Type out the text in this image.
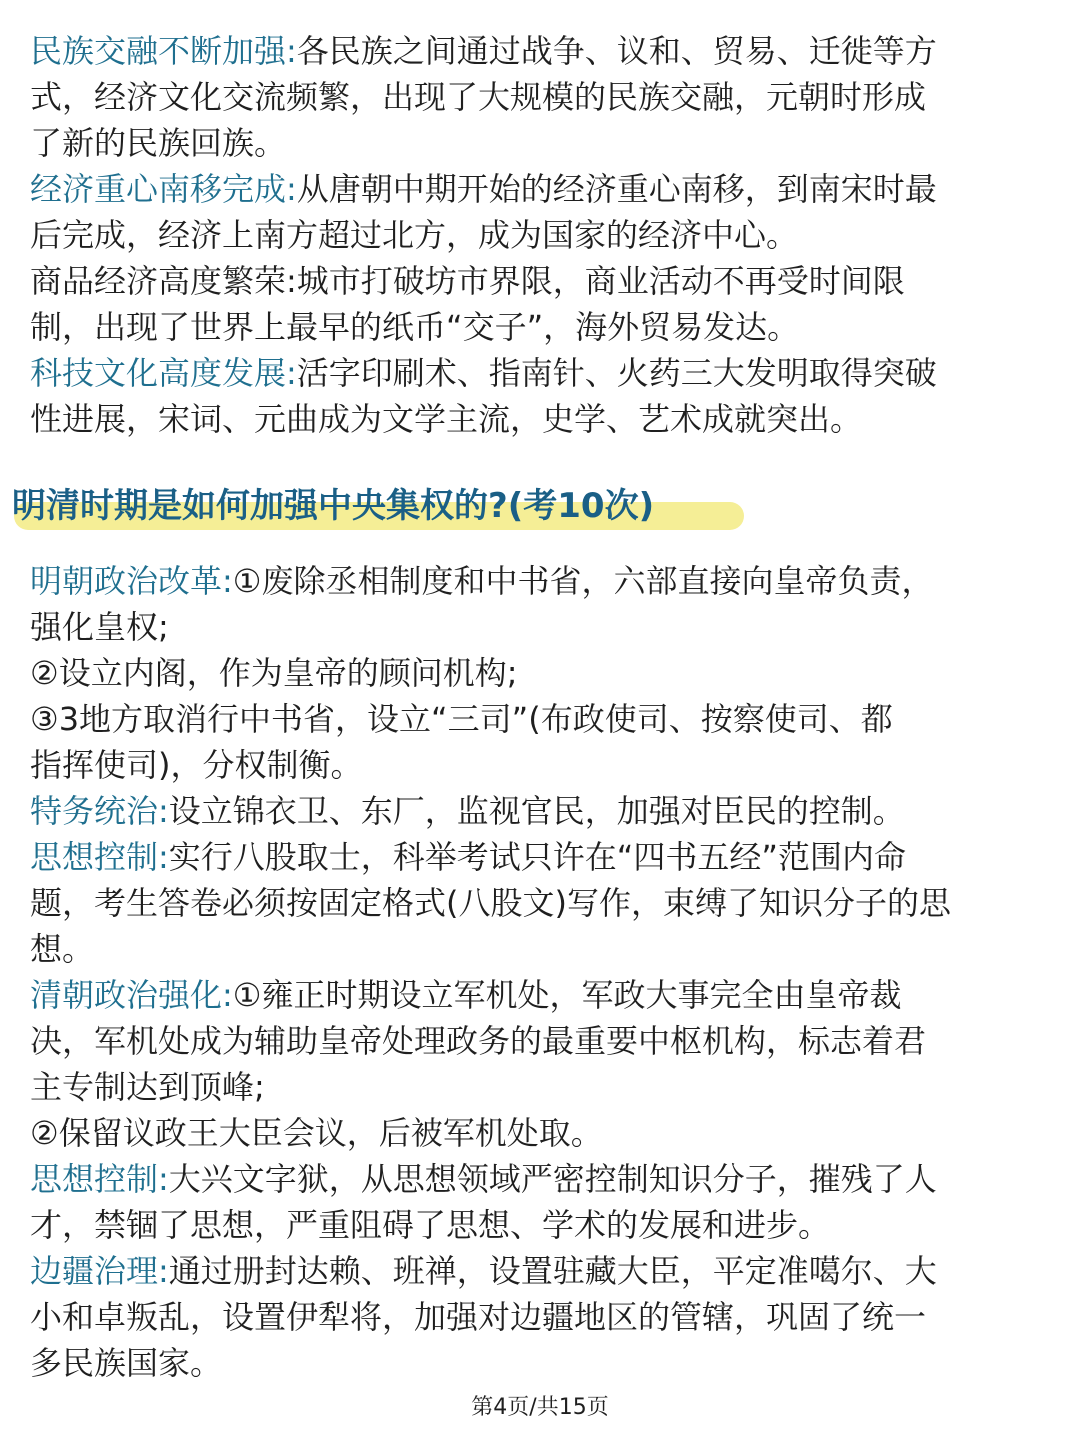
民族交融不断加强:各民族之间通过战争、议和、贸易、迁徙等方
式，经济文化交流频繁，出现了大规模的民族交融，元朝时形成
了新的民族回族。

经济重心南移完成:从唐朝中期开始的经济重心南移，到南宋时最
后完成，经济上南方超过北方，成为国家的经济中心。

商品经济高度繁荣:城市打破坊市界限，商业活动不再受时间限
制，出现了世界上最早的纸币“交子”，海外贸易发达。

科技文化高度发展:活字印刷术、指南针、火药三大发明取得突破
性进展，宋词、元曲成为文学主流，史学、艺术成就突出。

明清时期是如何加强中央集权的?(考10次)

明朝政治改革:①废除丞相制度和中书省，六部直接向皇帝负责，
强化皇权;
②设立内阁，作为皇帝的顾问机构;
③3地方取消行中书省，设立“三司”(布政使司、按察使司、都
指挥使司)，分权制衡。

特务统治:设立锦衣卫、东厂，监视官民，加强对臣民的控制。

思想控制:实行八股取士，科举考试只许在“四书五经”范围内命
题，考生答卷必须按固定格式(八股文)写作，束缚了知识分子的思
想。

清朝政治强化:①雍正时期设立军机处，军政大事完全由皇帝裁
决，军机处成为辅助皇帝处理政务的最重要中枢机构，标志着君
主专制达到顶峰;
②保留议政王大臣会议，后被军机处取。

思想控制:大兴文字狱，从思想领域严密控制知识分子，摧残了人
才，禁锢了思想，严重阻碍了思想、学术的发展和进步。

边疆治理:通过册封达赖、班禅，设置驻藏大臣，平定准噶尔、大
小和卓叛乱，设置伊犁将，加强对边疆地区的管辖，巩固了统一
多民族国家。

第4页/共15页
